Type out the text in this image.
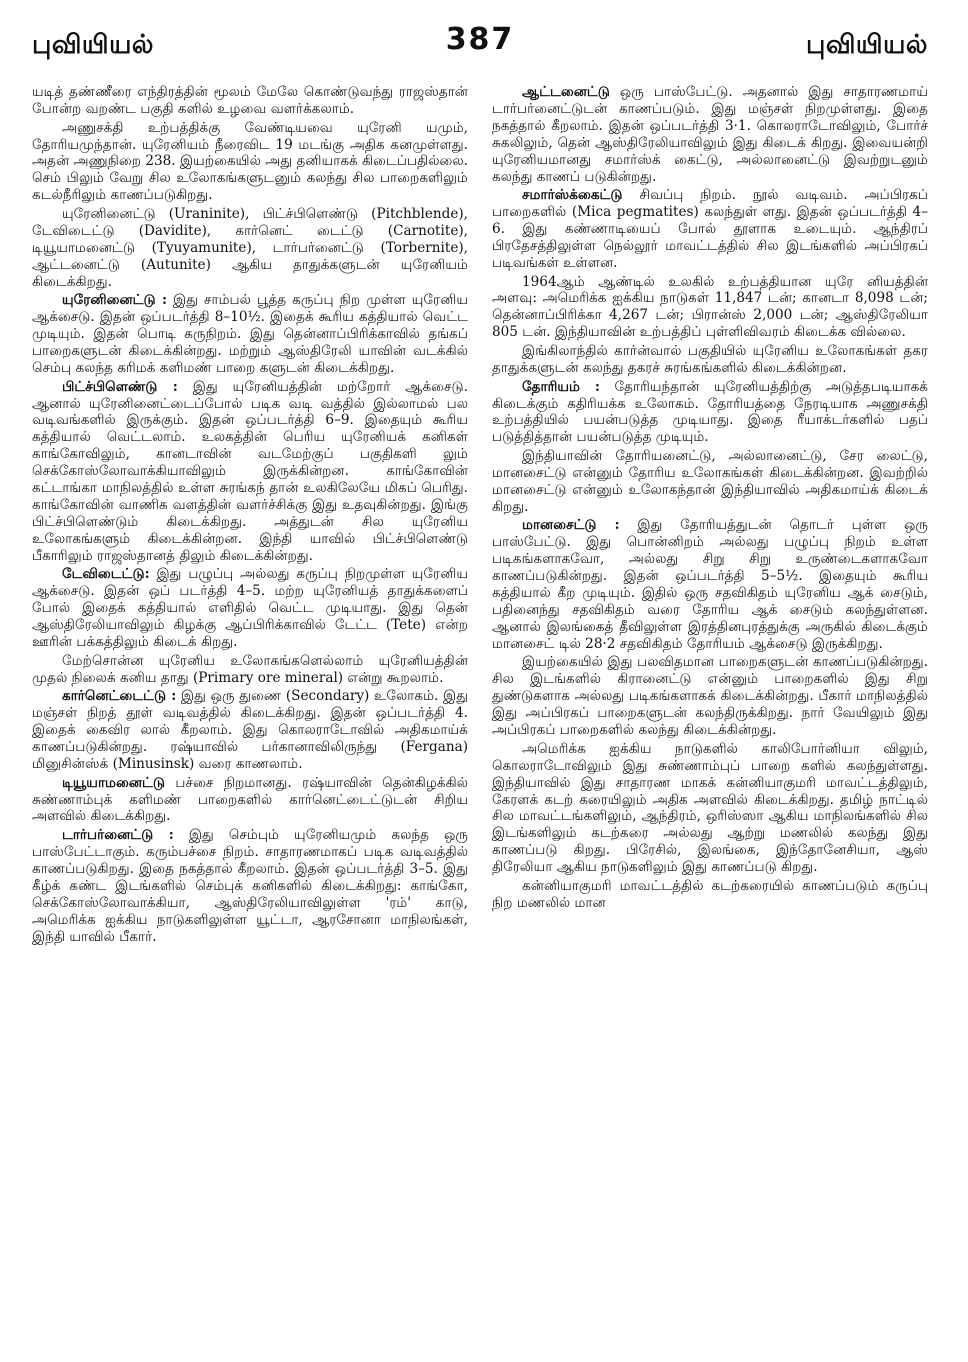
புவியியல்	387	புவியியல்

யடித் தண்ணீரை எந்திரத்தின் மூலம் மேலே கொண்டுவந்து ராஜஸ்தான் போன்ற வறண்ட பகுதி களில் உழவை வளர்க்கலாம்.

அணுசக்தி உற்பத்திக்கு வேண்டியவை யுரேனி யமும், தோரியமுந்தான். யுரேனியம் நீரைவிட 19 மடங்கு அதிக கனமுள்ளது. அதன் அணுநிறை 238. இயற்கையில் அது தனியாகக் கிடைப்பதில்லை. செம் பிலும் வேறு சில உலோகங்களுடனும் கலந்து சில பாறைகளிலும் கடல்நீரிலும் காணப்படுகிறது.

யுரேனினைட்டு (Uraninite), பிட்ச்பிளெண்டு (Pitchblende), டேவிடைட்டு (Davidite), கார்னெட் டைட்டு (Carnotite), டியூயாமனைட்டு (Tyuyamunite), டார்பர்னைட்டு (Torbernite), ஆட்டனைட்டு (Autunite) ஆகிய தாதுக்களுடன் யுரேனியம் கிடைக்கிறது.

யுரேனினைட்டு : இது சாம்பல் பூத்த கருப்பு நிற முள்ள யுரேனிய ஆக்சைடு. இதன் ஒப்படர்த்தி 8–10½. இதைக் கூரிய கத்தியால் வெட்ட முடியும். இதன் பொடி கருநிறம். இது தென்னாப்பிரிக்காவில் தங்கப் பாறைகளுடன் கிடைக்கின்றது. மற்றும் ஆஸ்திரேலி யாவின் வடக்கில் செம்பு கலந்த கரிமக் களிமண் பாறை களுடன் கிடைக்கிறது.

பிட்ச்பிளெண்டு : இது யுரேனியத்தின் மற்றோர் ஆக்சைடு. ஆனால் யுரேனினைட்டைப்போல் படிக வடி வத்தில் இல்லாமல் பல வடிவங்களில் இருக்கும். இதன் ஒப்படர்த்தி 6–9. இதையும் கூரிய கத்தியால் வெட்டலாம். உலகத்தின் பெரிய யுரேனியக் கனிகள் காங்கோவிலும், கானடாவின் வடமேற்குப் பகுதிகளி லும் செக்கோஸ்லோவாக்கியாவிலும் இருக்கின்றன. காங்கோவின் கட்டாங்கா மாநிலத்தில் உள்ள சுரங்கந் தான் உலகிலேயே மிகப் பெரிது. காங்கோவின் வாணிக வளத்தின் வளர்ச்சிக்கு இது உதவுகின்றது. இங்கு பிட்ச்பிளெண்டும் கிடைக்கிறது. அத்துடன் சில யுரேனிய உலோகங்களும் கிடைக்கின்றன. இந்தி யாவில் பிட்ச்பிளெண்டு பீகாரிலும் ராஜஸ்தானத் திலும் கிடைக்கின்றது.

டேவிடைட்டு: இது பழுப்பு அல்லது கருப்பு நிறமுள்ள யுரேனிய ஆக்சைடு. இதன் ஒப் படர்த்தி 4–5. மற்ற யுரேனியத் தாதுக்களைப் போல் இதைக் கத்தியால் எளிதில் வெட்ட முடியாது. இது தென் ஆஸ்திரேலியாவிலும் கிழக்கு ஆப்பிரிக்காவில் டேட்ட (Tete) என்ற ஊரின் பக்கத்திலும் கிடைக் கிறது.

மேற்சொன்ன யுரேனிய உலோகங்களெல்லாம் யுரேனியத்தின் முதல் நிலைக் கனிய தாது (Primary ore mineral) என்று கூறலாம்.

கார்னெட்டைட்டு : இது ஒரு துணை (Secondary) உலோகம். இது மஞ்சள் நிறத் தூள் வடிவத்தில் கிடைக்கிறது. இதன் ஒப்படர்த்தி 4. இதைக் கைவிர லால் கீறலாம். இது கொலராடோவில் அதிகமாய்க் காணப்படுகின்றது. ரஷ்யாவில் பர்கானாவிலிருந்து (Fergana) மினுசின்ஸ்க் (Minusinsk) வரை காணலாம்.

டியூயாமனைட்டு பச்சை நிறமானது. ரஷ்யாவின் தென்கிழக்கில் சுண்ணாம்புக் களிமண் பாறைகளில் கார்னெட்டைட்டுடன் சிறிய அளவில் கிடைக்கிறது.

டார்பர்னைட்டு : இது செம்பும் யுரேனியமும் கலந்த ஒரு பாஸ்பேட்டாகும். கரும்பச்சை நிறம். சாதாரணமாகப் படிக வடிவத்தில் காணப்படுகிறது. இதை நகத்தால் கீறலாம். இதன் ஒப்படர்த்தி 3–5. இது கீழ்க் கண்ட இடங்களில் செம்புக் கனிகளில் கிடைக்கிறது: காங்கோ, செக்கோஸ்லோவாக்கியா, ஆஸ்திரேலியாவிலுள்ள 'ரம்' காடு, அமெரிக்க ஐக்கிய நாடுகளிலுள்ள யூட்டா, ஆரசோனா மாநிலங்கள், இந்தி யாவில் பீகார்.

ஆட்டனைட்டு ஒரு பாஸ்பேட்டு. அதனால் இது சாதாரணமாய் டார்பர்னைட்டுடன் காணப்படும். இது மஞ்சள் நிறமுள்ளது. இதை நகத்தால் கீறலாம். இதன் ஒப்படர்த்தி 3·1. கொலராடோவிலும், போர்ச் சுகலிலும், தென் ஆஸ்திரேலியாவிலும் இது கிடைக் கிறது. இவையன்றி யுரேனியமானது சமார்ஸ்க் கைட்டு, அல்லானைட்டு இவற்றுடனும் கலந்து காணப் படுகின்றது.

சமார்ஸ்க்கைட்டு சிவப்பு நிறம். நூல் வடிவம். அப்பிரகப் பாறைகளில் (Mica pegmatites) கலந்துள் ளது. இதன் ஒப்படர்த்தி 4–6. இது கண்ணாடியைப் போல் தூளாக உடையும். ஆந்திரப் பிரதேசத்திலுள்ள நெல்லூர் மாவட்டத்தில் சில இடங்களில் அப்பிரகப் படிவங்கள் உள்ளன.

1964ஆம் ஆண்டில் உலகில் உற்பத்தியான யுரே னியத்தின் அளவு: அமெரிக்க ஐக்கிய நாடுகள் 11,847 டன்; கானடா 8,098 டன்; தென்னாப்பிரிக்கா 4,267 டன்; பிரான்ஸ் 2,000 டன்; ஆஸ்திரேலியா 805 டன். இந்தியாவின் உற்பத்திப் புள்ளிவிவரம் கிடைக்க வில்லை.

இங்கிலாந்தில் கார்ன்வால் பகுதியில் யுரேனிய உலோகங்கள் தகர தாதுக்களுடன் கலந்து தகரச் சுரங்கங்களில் கிடைக்கின்றன.

தோரியம் : தோரியந்தான் யுரேனியத்திற்கு அடுத்தபடியாகக் கிடைக்கும் கதிரியக்க உலோகம். தோரியத்தை நேரடியாக அணுசக்தி உற்பத்தியில் பயன்படுத்த முடியாது. இதை ரீயாக்டர்களில் பதப் படுத்தித்தான் பயன்படுத்த முடியும்.

இந்தியாவின் தோரியனைட்டு, அல்லானைட்டு, சேர லைட்டு, மானசைட்டு என்னும் தோரிய உலோகங்கள் கிடைக்கின்றன. இவற்றில் மானசைட்டு என்னும் உலோகந்தான் இந்தியாவில் அதிகமாய்க் கிடைக் கிறது.

மானசைட்டு : இது தோரியத்துடன் தொடர் புள்ள ஒரு பாஸ்பேட்டு. இது பொன்னிறம் அல்லது பழுப்பு நிறம் உள்ள படிகங்களாகவோ, அல்லது சிறு சிறு உருண்டைகளாகவோ காணப்படுகின்றது. இதன் ஒப்படர்த்தி 5–5½. இதையும் கூரிய கத்தியால் கீற முடியும். இதில் ஒரு சதவிகிதம் யுரேனிய ஆக் சைடும், பதினைந்து சதவிகிதம் வரை தோரிய ஆக் சைடும் கலந்துள்ளன. ஆனால் இலங்கைத் தீவிலுள்ள இரத்தினபுரத்துக்கு அருகில் கிடைக்கும் மானசைட் டில் 28·2 சதவிகிதம் தோரியம் ஆக்சைடு இருக்கிறது.

இயற்கையில் இது பலவிதமான பாறைகளுடன் காணப்படுகின்றது. சில இடங்களில் கிரானைட்டு என்னும் பாறைகளில் இது சிறு துண்டுகளாக அல்லது படிகங்களாகக் கிடைக்கின்றது. பீகார் மாநிலத்தில் இது அப்பிரகப் பாறைகளுடன் கலந்திருக்கிறது. நார் வேயிலும் இது அப்பிரகப் பாறைகளில் கலந்து கிடைக்கின்றது.

அமெரிக்க ஐக்கிய நாடுகளில் காலிபோர்னியா விலும், கொலராடோவிலும் இது சுண்ணாம்புப் பாறை களில் கலந்துள்ளது. இந்தியாவில் இது சாதாரண மாகக் கன்னியாகுமரி மாவட்டத்திலும், கேரளக் கடற் கரையிலும் அதிக அளவில் கிடைக்கிறது. தமிழ் நாட்டில் சில மாவட்டங்களிலும், ஆந்திரம், ஒரிஸ்ஸா ஆகிய மாநிலங்களில் சில இடங்களிலும் கடற்கரை அல்லது ஆற்று மணலில் கலந்து இது காணப்படு கிறது. பிரேசில், இலங்கை, இந்தோனேசியா, ஆஸ் திரேலியா ஆகிய நாடுகளிலும் இது காணப்படு கிறது.

கன்னியாகுமரி மாவட்டத்தில் கடற்கரையில் காணப்படும் கருப்பு நிற மணலில் மான
